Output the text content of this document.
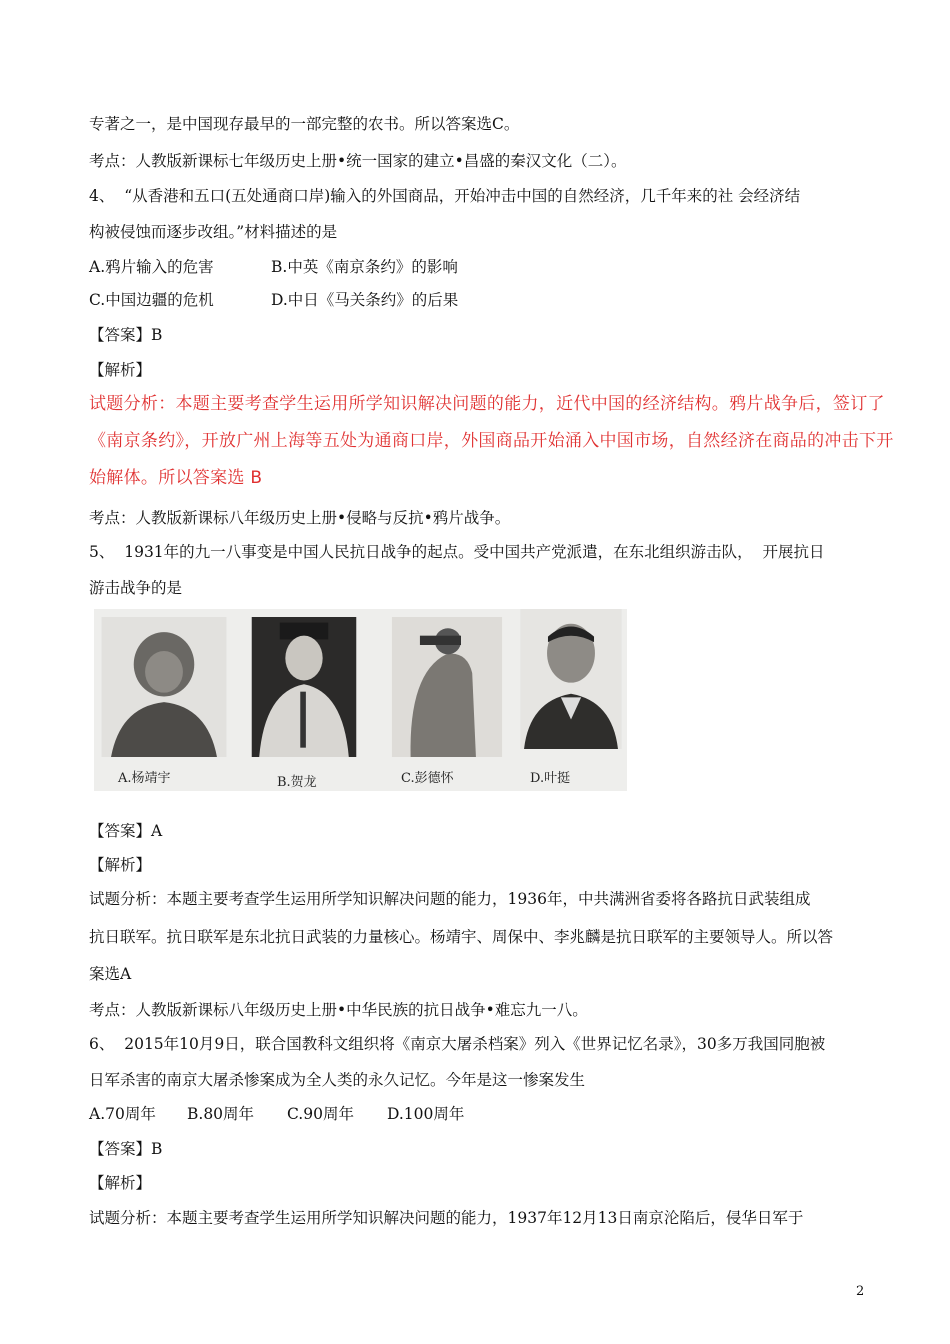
专著之一，是中国现存最早的一部完整的农书。所以答案选C。
考点：人教版新课标七年级历史上册•统一国家的建立•昌盛的秦汉文化（二）。
4、  “从香港和五口(五处通商口岸)输入的外国商品，开始冲击中国的自然经济，几千年来的社 会经济结
构被侵蚀而逐步改组。”材料描述的是
A.鸦片输入的危害	B.中英《南京条约》的影响
C.中国边疆的危机	D.中日《马关条约》的后果
【答案】B
【解析】
试题分析：本题主要考查学生运用所学知识解决问题的能力，近代中国的经济结构。鸦片战争后，签订了
《南京条约》，开放广州上海等五处为通商口岸，外国商品开始涌入中国市场，自然经济在商品的冲击下开
始解体。所以答案选 B
考点：人教版新课标八年级历史上册•侵略与反抗•鸦片战争。
5、  1931年的九一八事变是中国人民抗日战争的起点。受中国共产党派遣，在东北组织游击队，  开展抗日
游击战争的是
A.杨靖宇	B.贺龙	C.彭德怀	D.叶挺
【答案】A
【解析】
试题分析：本题主要考查学生运用所学知识解决问题的能力，1936年，中共满洲省委将各路抗日武装组成
抗日联军。抗日联军是东北抗日武装的力量核心。杨靖宇、周保中、李兆麟是抗日联军的主要领导人。所以答
案选A
考点：人教版新课标八年级历史上册•中华民族的抗日战争•难忘九一八。
6、  2015年10月9日，联合国教科文组织将《南京大屠杀档案》列入《世界记忆名录》，30多万我国同胞被
日军杀害的南京大屠杀惨案成为全人类的永久记忆。今年是这一惨案发生
A.70周年 B.80周年 C.90周年 D.100周年
【答案】B
【解析】
试题分析：本题主要考查学生运用所学知识解决问题的能力，1937年12月13日南京沦陷后，侵华日军于
2
